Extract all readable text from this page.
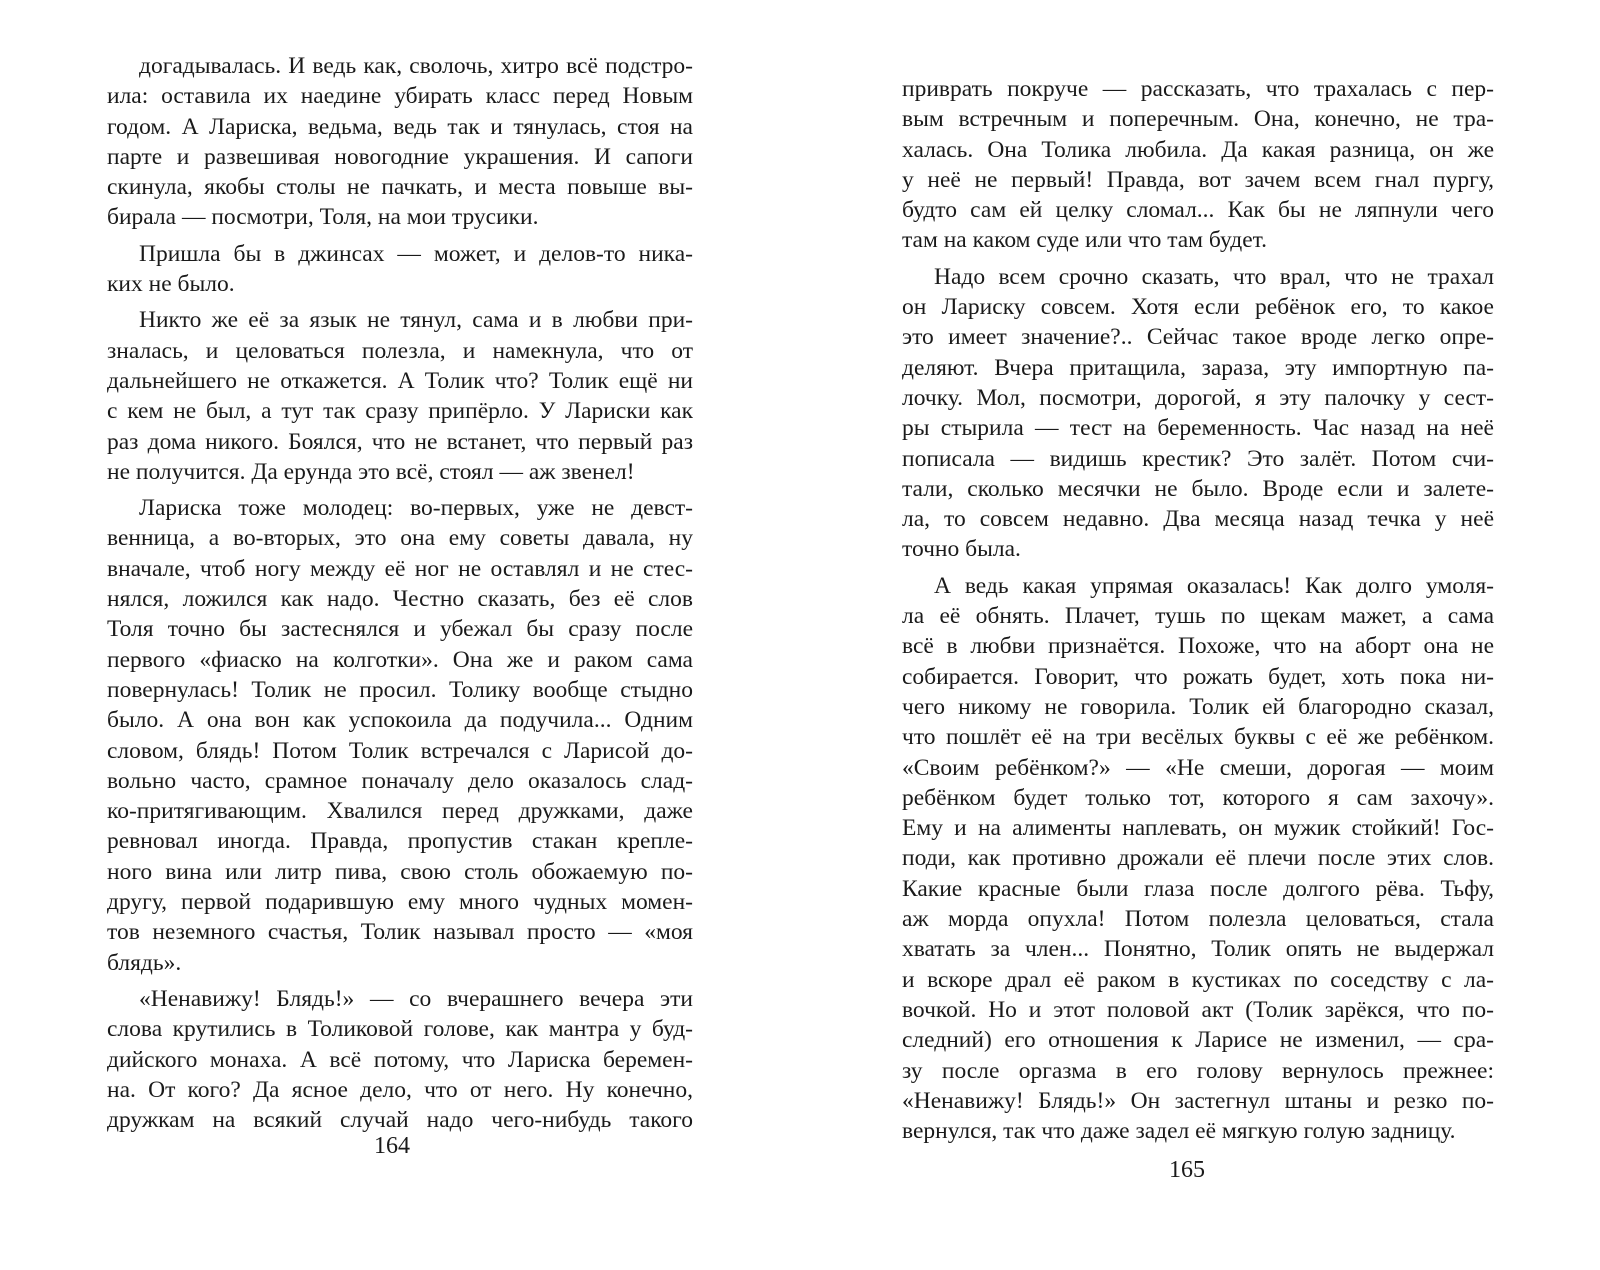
догадывалась. И ведь как, сволочь, хитро всё подстро-
ила: оставила их наедине убирать класс перед Новым
годом. А Лариска, ведьма, ведь так и тянулась, стоя на
парте и развешивая новогодние украшения. И сапоги
скинула, якобы столы не пачкать, и места повыше вы-
бирала — посмотри, Толя, на мои трусики.
Пришла бы в джинсах — может, и делов-то ника-
ких не было.
Никто же её за язык не тянул, сама и в любви при-
зналась, и целоваться полезла, и намекнула, что от
дальнейшего не откажется. А Толик что? Толик ещё ни
с кем не был, а тут так сразу припёрло. У Лариски как
раз дома никого. Боялся, что не встанет, что первый раз
не получится. Да ерунда это всё, стоял — аж звенел!
Лариска тоже молодец: во-первых, уже не девст-
венница, а во-вторых, это она ему советы давала, ну
вначале, чтоб ногу между её ног не оставлял и не стес-
нялся, ложился как надо. Честно сказать, без её слов
Толя точно бы застеснялся и убежал бы сразу после
первого «фиаско на колготки». Она же и раком сама
повернулась! Толик не просил. Толику вообще стыдно
было. А она вон как успокоила да подучила... Одним
словом, блядь! Потом Толик встречался с Ларисой до-
вольно часто, срамное поначалу дело оказалось слад-
ко-притягивающим. Хвалился перед дружками, даже
ревновал иногда. Правда, пропустив стакан крепле-
ного вина или литр пива, свою столь обожаемую по-
другу, первой подарившую ему много чудных момен-
тов неземного счастья, Толик называл просто — «моя
блядь».
«Ненавижу! Блядь!» — со вчерашнего вечера эти
слова крутились в Толиковой голове, как мантра у буд-
дийского монаха. А всё потому, что Лариска беремен-
на. От кого? Да ясное дело, что от него. Ну конечно,
дружкам на всякий случай надо чего-нибудь такого
164
приврать покруче — рассказать, что трахалась с пер-
вым встречным и поперечным. Она, конечно, не тра-
халась. Она Толика любила. Да какая разница, он же
у неё не первый! Правда, вот зачем всем гнал пургу,
будто сам ей целку сломал... Как бы не ляпнули чего
там на каком суде или что там будет.
Надо всем срочно сказать, что врал, что не трахал
он Лариску совсем. Хотя если ребёнок его, то какое
это имеет значение?.. Сейчас такое вроде легко опре-
деляют. Вчера притащила, зараза, эту импортную па-
лочку. Мол, посмотри, дорогой, я эту палочку у сест-
ры стырила — тест на беременность. Час назад на неё
пописала — видишь крестик? Это залёт. Потом счи-
тали, сколько месячки не было. Вроде если и залете-
ла, то совсем недавно. Два месяца назад течка у неё
точно была.
А ведь какая упрямая оказалась! Как долго умоля-
ла её обнять. Плачет, тушь по щекам мажет, а сама
всё в любви признаётся. Похоже, что на аборт она не
собирается. Говорит, что рожать будет, хоть пока ни-
чего никому не говорила. Толик ей благородно сказал,
что пошлёт её на три весёлых буквы с её же ребёнком.
«Своим ребёнком?» — «Не смеши, дорогая — моим
ребёнком будет только тот, которого я сам захочу».
Ему и на алименты наплевать, он мужик стойкий! Гос-
поди, как противно дрожали её плечи после этих слов.
Какие красные были глаза после долгого рёва. Тьфу,
аж морда опухла! Потом полезла целоваться, стала
хватать за член... Понятно, Толик опять не выдержал
и вскоре драл её раком в кустиках по соседству с ла-
вочкой. Но и этот половой акт (Толик зарёкся, что по-
следний) его отношения к Ларисе не изменил, — сра-
зу после оргазма в его голову вернулось прежнее:
«Ненавижу! Блядь!» Он застегнул штаны и резко по-
вернулся, так что даже задел её мягкую голую задницу.
165
